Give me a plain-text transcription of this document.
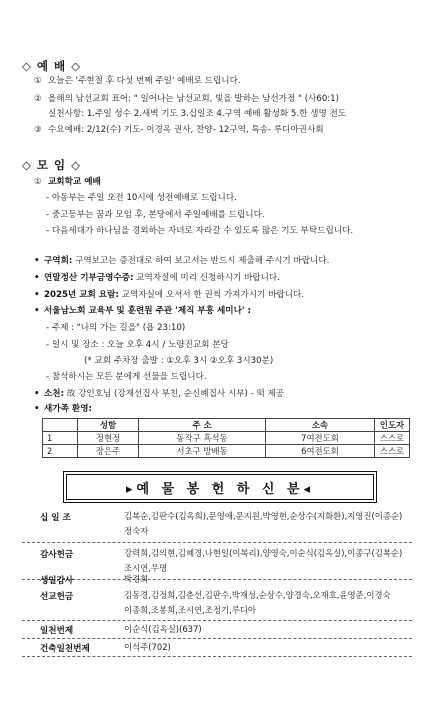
◇ 예 배 ◇
① 오늘은 '주현절 후 다섯 번째 주일' 예배로 드립니다.
② 올해의 남선교회 표어: " 일어나는 남선교회, 빛을 발하는 남선가정 " (사60:1)
실천사항: 1.주일 성수 2.새벽 기도 3.십일조 4.구역 예배 활성화 5.한 생명 전도
③ 수요예배: 2/12(수) 기도- 이경옥 권사, 찬양- 12구역, 특송- 루디아권사회
◇ 모 임 ◇
① 교회학교 예배
- 아동부는 주일 오전 10시에 성전예배로 드립니다.
- 중고등부는 꿈과 모임 후, 본당에서 주일예배를 드립니다.
- 다음세대가 하나님을 경외하는 자녀로 자라갈 수 있도록 많은 기도 부탁드립니다.
• 구역회: 구역보고는 증전대로 하여 보고서는 반드시 제출해 주시기 바랍니다.
• 연말정산 기부금영수증: 교역자실에 미리 신청하시기 바랍니다.
• 2025년 교회 요람: 교역자실에 오셔서 한 권씩 가져가시기 바랍니다.
• 서울남노회 교육부 및 훈련원 주관 '제직 부흥 세미나' :
- 주제 : "나의 가는 길을" (욥 23:10)
- 일시 및 장소 : 오늘 오후 4시 / 노량진교회 본당
(* 교회 주차장 출발 : ①오후 3시 ②오후 3시30분)
- 참석하시는 모든 분에게 선물을 드립니다.
• 소천: 故 강인호님 (강재선집사 부친, 순신혜집사 시부) - 떡 제공
• 새가족 환영:
	성함	주 소	소속	인도자
1	정현정	동작구 흑석동	7여전도회	스스로
2	장은주	서초구 방배동	6여전도회	스스로
▸예 물 봉 헌 하 신 분◂
십 일 조	김복순,김판수(김옥희),문영애,문지원,박영현,순상수(지화환),지영진(이종순)
정숙자
감사헌금	강력희,김의현,김혜경,나현일(이복리),양영숙,이순식(김옥실),이종구(김복순)
조시연,무명
생일감사	박경희
선교헌금	김동경,김정희,김춘선,김판수,박재성,순상수,양경숙,오재호,윤영준,이경숙
이종희,조봉희,조시연,조정기,루디아
일천번제	이순식(김옥실)(637)
건축일천번제	이석주(702)
